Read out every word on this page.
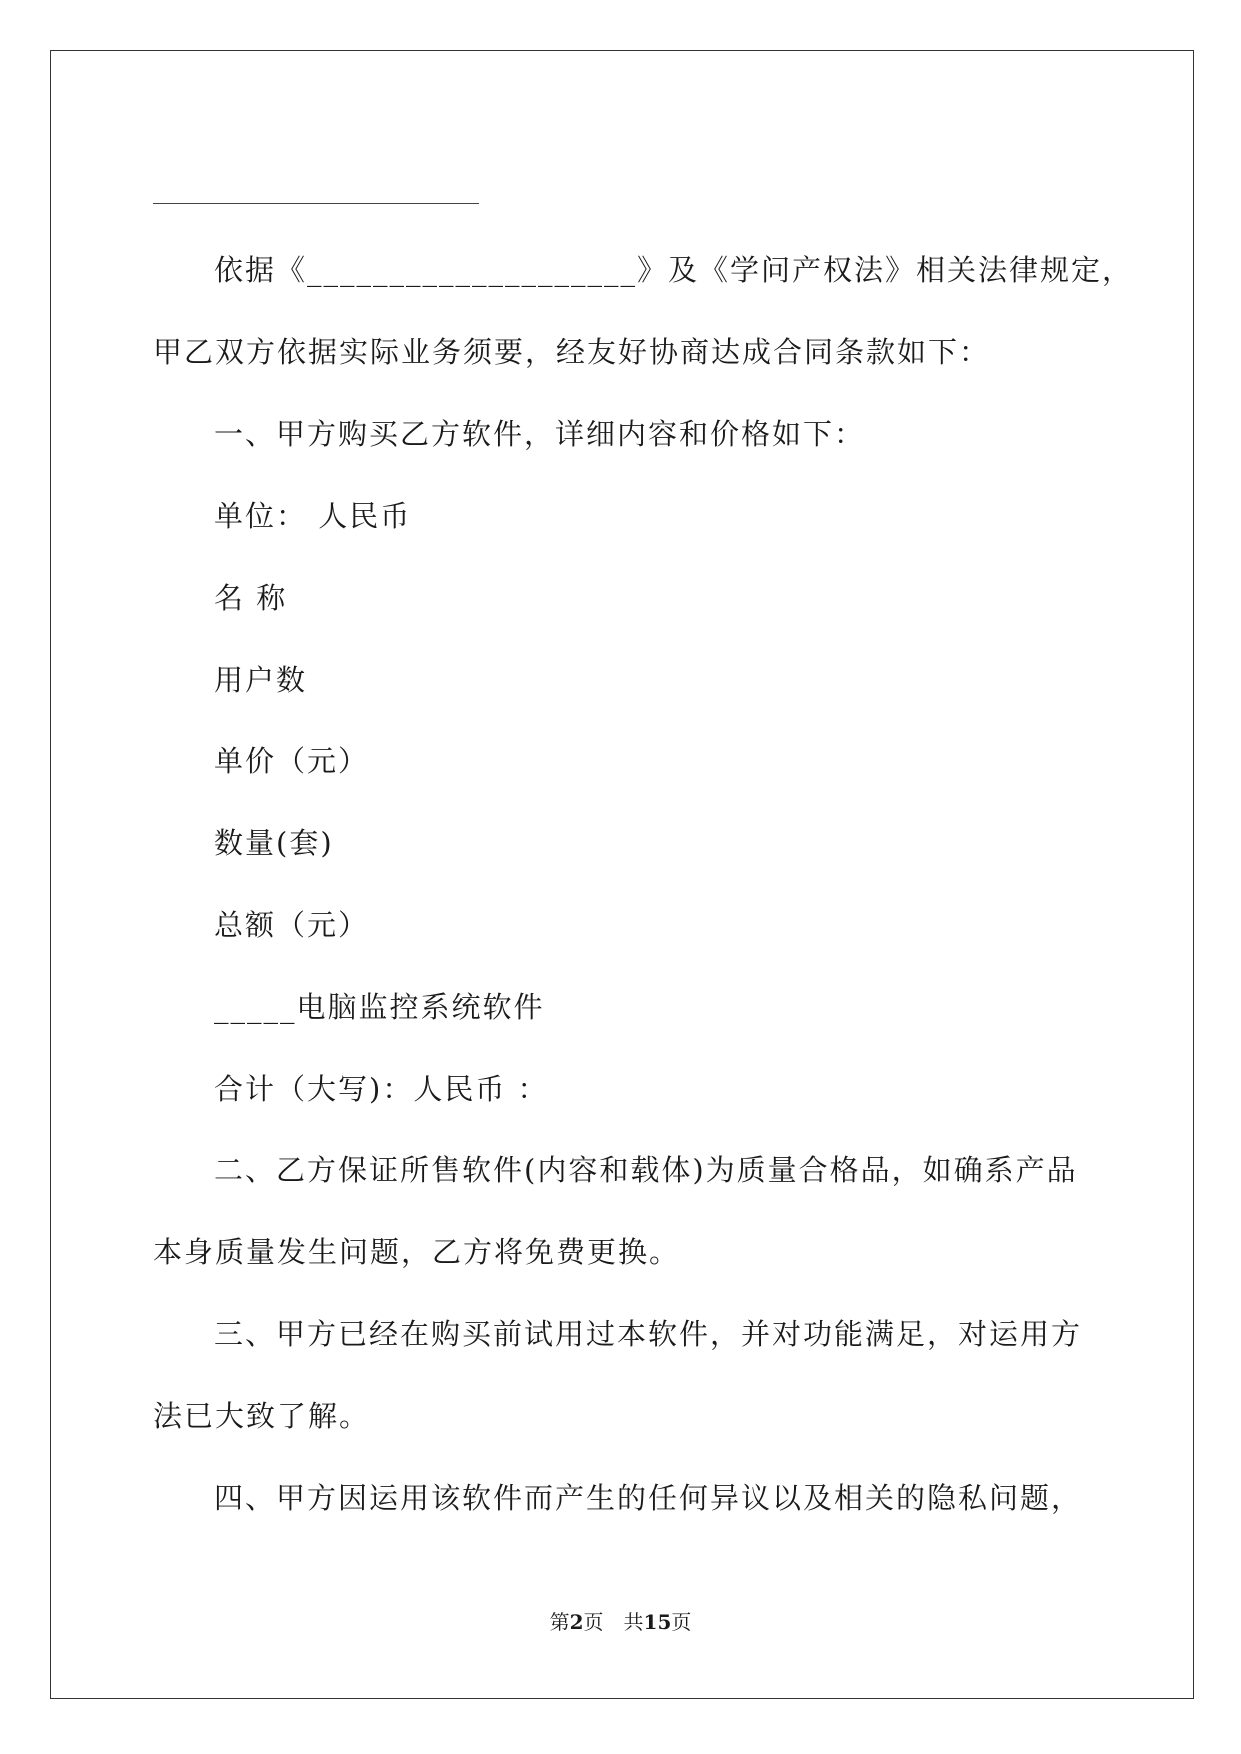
依据《____________________》及《学问产权法》相关法律规定，
甲乙双方依据实际业务须要，经友好协商达成合同条款如下：
一、甲方购买乙方软件，详细内容和价格如下：
单位： 人民币
名 称
用户数
单价（元）
数量(套)
总额（元）
_____电脑监控系统软件
合计（大写)：人民币 ：
二、乙方保证所售软件(内容和载体)为质量合格品，如确系产品
本身质量发生问题，乙方将免费更换。
三、甲方已经在购买前试用过本软件，并对功能满足，对运用方
法已大致了解。
四、甲方因运用该软件而产生的任何异议以及相关的隐私问题，
第2页　共15页
